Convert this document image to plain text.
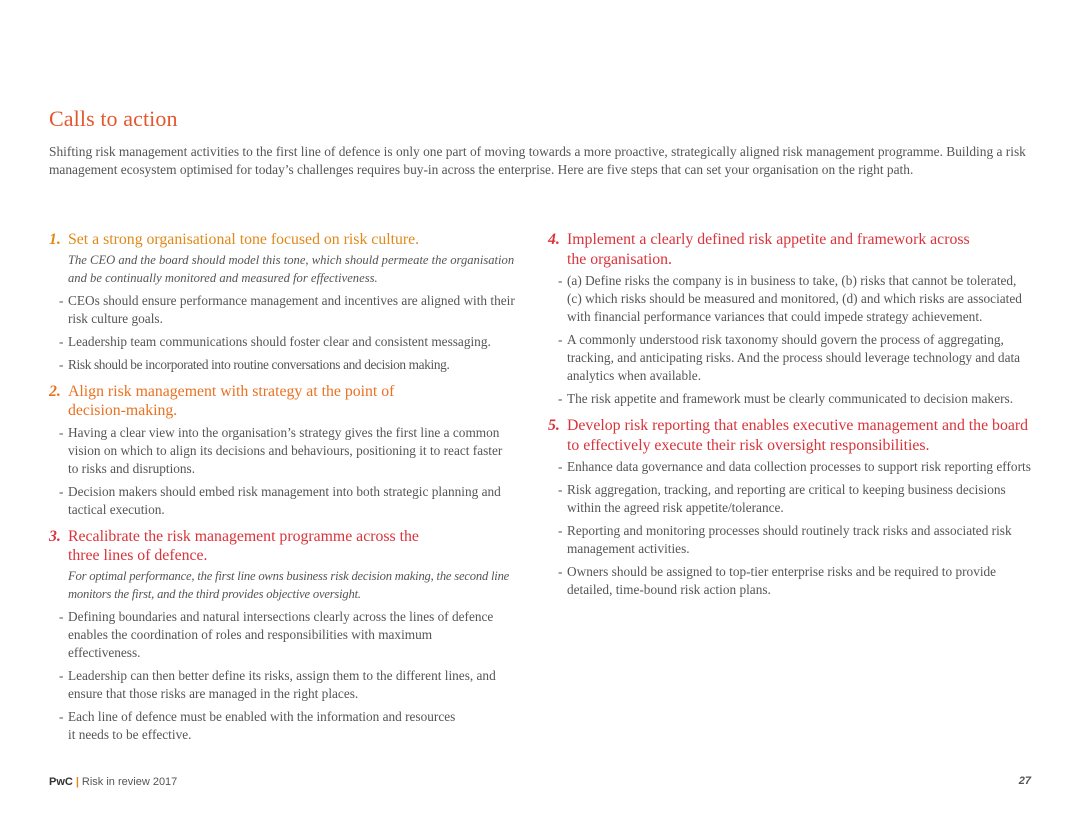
Calls to action

Shifting risk management activities to the first line of defence is only one part of moving towards a more proactive, strategically aligned risk management programme. Building a risk management ecosystem optimised for today’s challenges requires buy-in across the enterprise. Here are five steps that can set your organisation on the right path.

1. Set a strong organisational tone focused on risk culture.
The CEO and the board should model this tone, which should permeate the organisation and be continually monitored and measured for effectiveness.
- CEOs should ensure performance management and incentives are aligned with their risk culture goals.
- Leadership team communications should foster clear and consistent messaging.
- Risk should be incorporated into routine conversations and decision making.
2. Align risk management with strategy at the point of decision-making.
- Having a clear view into the organisation’s strategy gives the first line a common vision on which to align its decisions and behaviours, positioning it to react faster to risks and disruptions.
- Decision makers should embed risk management into both strategic planning and tactical execution.
3. Recalibrate the risk management programme across the three lines of defence.
For optimal performance, the first line owns business risk decision making, the second line monitors the first, and the third provides objective oversight.
- Defining boundaries and natural intersections clearly across the lines of defence enables the coordination of roles and responsibilities with maximum effectiveness.
- Leadership can then better define its risks, assign them to the different lines, and ensure that those risks are managed in the right places.
- Each line of defence must be enabled with the information and resources it needs to be effective.
4. Implement a clearly defined risk appetite and framework across the organisation.
- (a) Define risks the company is in business to take, (b) risks that cannot be tolerated, (c) which risks should be measured and monitored, (d) and which risks are associated with financial performance variances that could impede strategy achievement.
- A commonly understood risk taxonomy should govern the process of aggregating, tracking, and anticipating risks. And the process should leverage technology and data analytics when available.
- The risk appetite and framework must be clearly communicated to decision makers.
5. Develop risk reporting that enables executive management and the board to effectively execute their risk oversight responsibilities.
- Enhance data governance and data collection processes to support risk reporting efforts
- Risk aggregation, tracking, and reporting are critical to keeping business decisions within the agreed risk appetite/tolerance.
- Reporting and monitoring processes should routinely track risks and associated risk management activities.
- Owners should be assigned to top-tier enterprise risks and be required to provide detailed, time-bound risk action plans.
PwC | Risk in review 2017	27
